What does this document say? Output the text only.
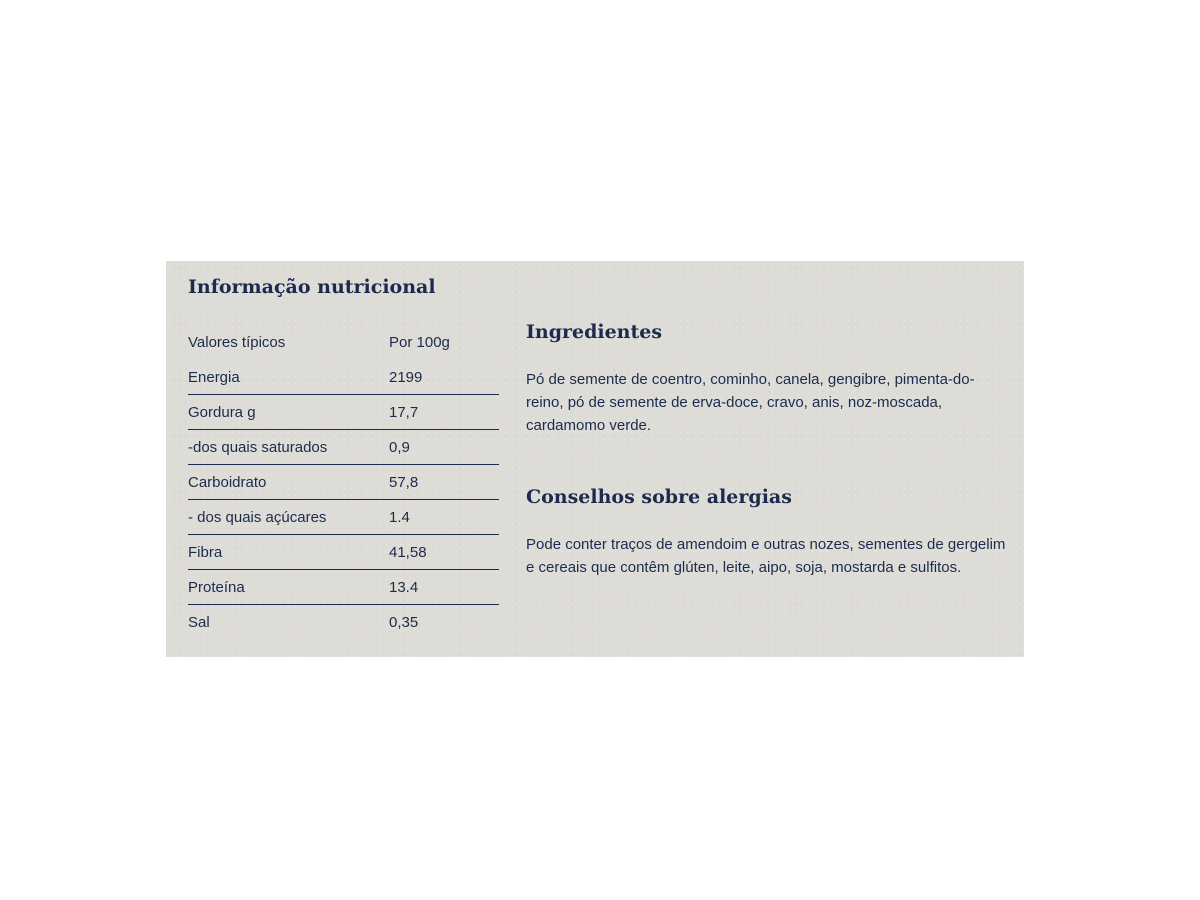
Informação nutricional
Valores típicos	Por 100g
Energia	2199
Gordura g	17,7
-dos quais saturados	0,9
Carboidrato	57,8
- dos quais açúcares	1.4
Fibra	41,58
Proteína	13.4
Sal	0,35
Ingredientes

Pó de semente de coentro, cominho, canela, gengibre, pimenta-do-reino, pó de semente de erva-doce, cravo, anis, noz-moscada, cardamomo verde.

Conselhos sobre alergias

Pode conter traços de amendoim e outras nozes, sementes de gergelim e cereais que contêm glúten, leite, aipo, soja, mostarda e sulfitos.
